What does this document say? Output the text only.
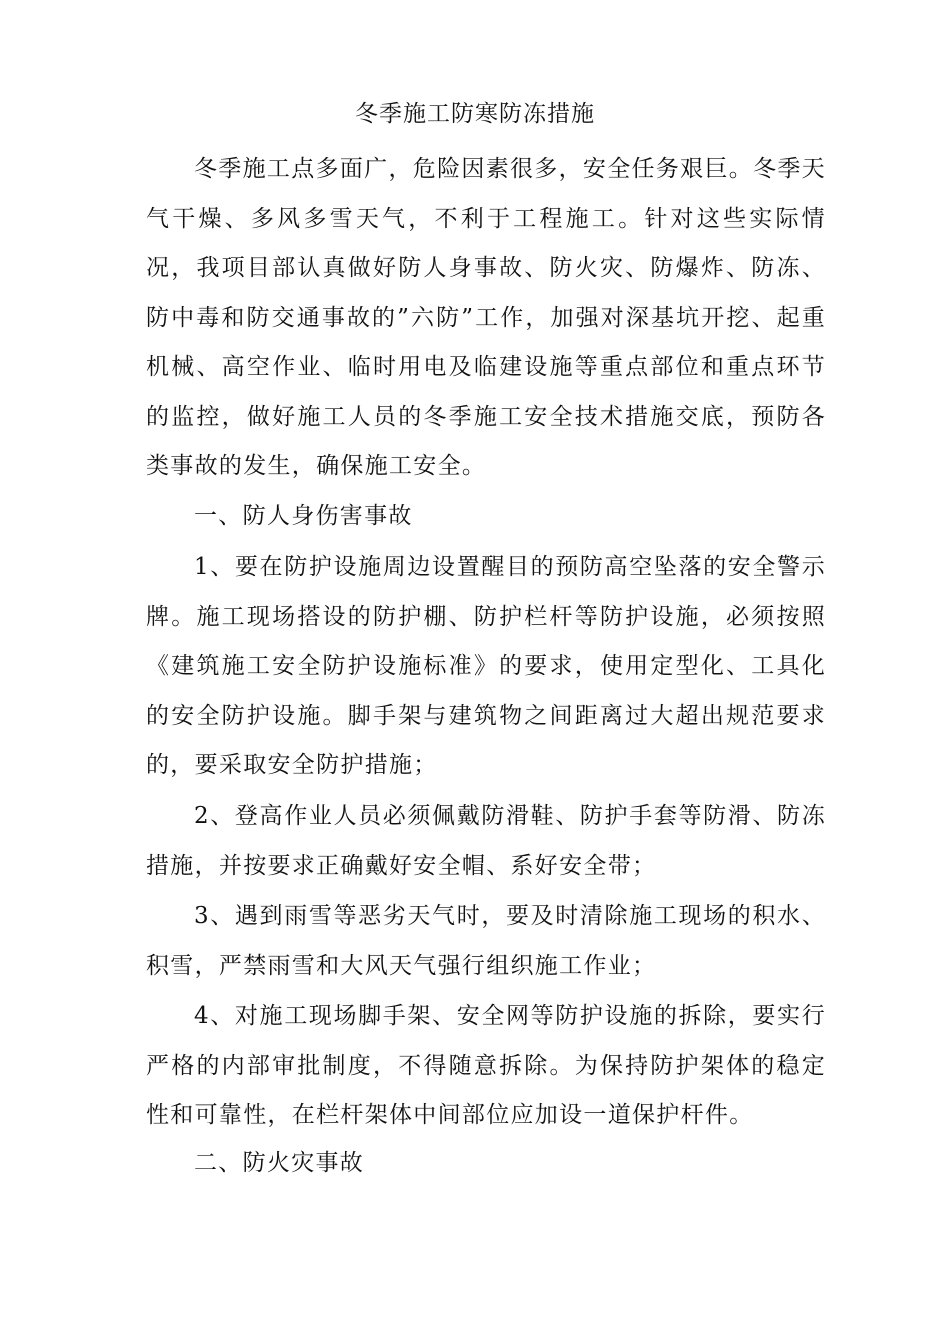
冬季施工防寒防冻措施

冬季施工点多面广，危险因素很多，安全任务艰巨。冬季天气干燥、多风多雪天气，不利于工程施工。针对这些实际情况，我项目部认真做好防人身事故、防火灾、防爆炸、防冻、防中毒和防交通事故的”六防”工作，加强对深基坑开挖、起重机械、高空作业、临时用电及临建设施等重点部位和重点环节的监控，做好施工人员的冬季施工安全技术措施交底，预防各类事故的发生，确保施工安全。

一、防人身伤害事故

1、要在防护设施周边设置醒目的预防高空坠落的安全警示牌。施工现场搭设的防护棚、防护栏杆等防护设施，必须按照《建筑施工安全防护设施标准》的要求，使用定型化、工具化的安全防护设施。脚手架与建筑物之间距离过大超出规范要求的，要采取安全防护措施；

2、登高作业人员必须佩戴防滑鞋、防护手套等防滑、防冻措施，并按要求正确戴好安全帽、系好安全带；

3、遇到雨雪等恶劣天气时，要及时清除施工现场的积水、积雪，严禁雨雪和大风天气强行组织施工作业；

4、对施工现场脚手架、安全网等防护设施的拆除，要实行严格的内部审批制度，不得随意拆除。为保持防护架体的稳定性和可靠性，在栏杆架体中间部位应加设一道保护杆件。

二、防火灾事故
